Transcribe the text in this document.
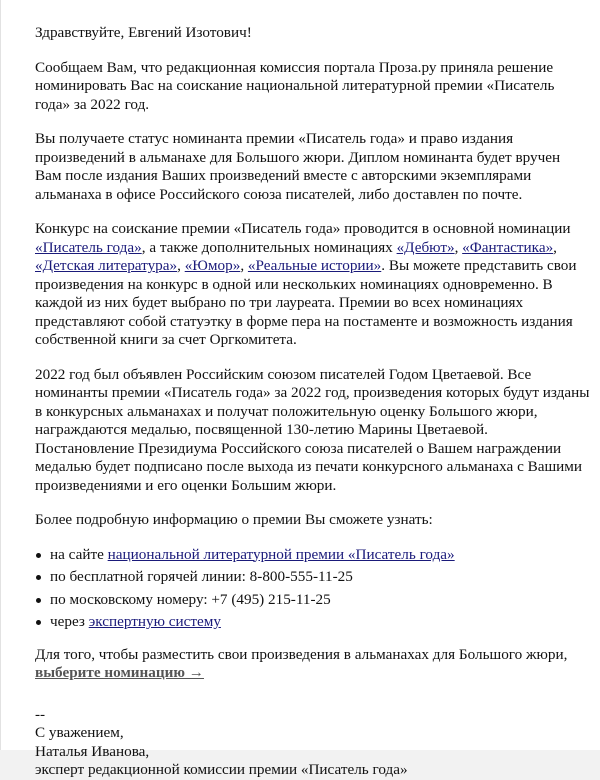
Здравствуйте, Евгений Изотович!

Сообщаем Вам, что редакционная комиссия портала Проза.ру приняла решение номинировать Вас на соискание национальной литературной премии «Писатель года» за 2022 год.

Вы получаете статус номинанта премии «Писатель года» и право издания произведений в альманахе для Большого жюри. Диплом номинанта будет вручен Вам после издания Ваших произведений вместе с авторскими экземплярами альманаха в офисе Российского союза писателей, либо доставлен по почте.

Конкурс на соискание премии «Писатель года» проводится в основной номинации «Писатель года», а также дополнительных номинациях «Дебют», «Фантастика», «Детская литература», «Юмор», «Реальные истории». Вы можете представить свои произведения на конкурс в одной или нескольких номинациях одновременно. В каждой из них будет выбрано по три лауреата. Премии во всех номинациях представляют собой статуэтку в форме пера на постаменте и возможность издания собственной книги за счет Оргкомитета.

2022 год был объявлен Российским союзом писателей Годом Цветаевой. Все номинанты премии «Писатель года» за 2022 год, произведения которых будут изданы в конкурсных альманахах и получат положительную оценку Большого жюри, награждаются медалью, посвященной 130-летию Марины Цветаевой. Постановление Президиума Российского союза писателей о Вашем награждении медалью будет подписано после выхода из печати конкурсного альманаха с Вашими произведениями и его оценки Большим жюри.

Более подробную информацию о премии Вы сможете узнать:

на сайте национальной литературной премии «Писатель года»
по бесплатной горячей линии: 8-800-555-11-25
по московскому номеру: +7 (495) 215-11-25
через экспертную систему

Для того, чтобы разместить свои произведения в альманахах для Большого жюри, выберите номинацию →

--
С уважением,
Наталья Иванова,
эксперт редакционной комиссии премии «Писатель года»
